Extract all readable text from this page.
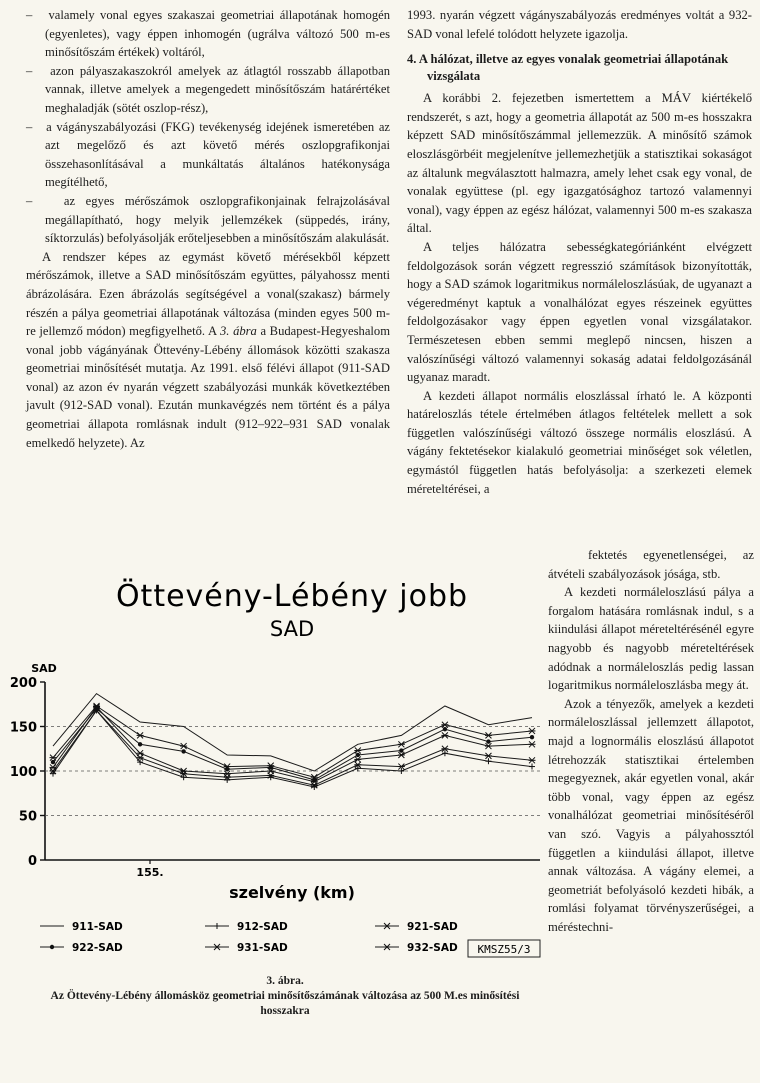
– valamely vonal egyes szakaszai geometriai állapotának homogén (egyenletes), vagy éppen inhomogén (ugrálva változó 500 m-es minősítőszám értékek) voltáról,

– azon pályaszakaszokról amelyek az átlagtól rosszabb állapotban vannak, illetve amelyek a megengedett minősítőszám határértéket meghaladják (sötét oszlop-rész),

– a vágányszabályozási (FKG) tevékenység idejének ismeretében az azt megelőző és azt követő mérés oszlopgrafikonjai összehasonlításával a munkáltatás általános hatékonysága megítélhető,

–	az egyes mérőszámok oszlopgrafikonjainak felrajzolásával megállapítható, hogy melyik jellemzékek (süppedés, irány, síktorzulás) befolyásolják erőteljesebben a minősítőszám alakulását.

A rendszer képes az egymást követő mérésekből képzett mérőszámok, illetve a SAD minősítőszám együttes, pályahossz menti ábrázolására. Ezen ábrázolás segítségével a vonal(szakasz) bármely részén a pálya geometriai állapotának változása (minden egyes 500 m-re jellemző módon) megfigyelhető. A 3. ábra a Budapest-Hegyeshalom vonal jobb vágányának Öttevény-Lébény állomások közötti szakasza geometriai minősítését mutatja. Az 1991. első félévi állapot (911-SAD vonal) az azon év nyarán végzett szabályozási munkák következtében javult (912-SAD vonal). Ezután munkavégzés nem történt és a pálya geometriai állapota romlásnak indult (912–922–931 SAD vonalak emelkedő helyzete). Az

1993. nyarán végzett vágányszabályozás eredményes voltát a 932-SAD vonal lefelé tolódott helyzete igazolja.

4. A hálózat, illetve az egyes vonalak geometriai állapotának vizsgálata

A korábbi 2. fejezetben ismertettem a MÁV kiértékelő rendszerét, s azt, hogy a geometria állapotát az 500 m-es hosszakra képzett SAD minősítőszámmal jellemezzük. A minősítő számok eloszlásgörbéit megjelenítve jellemezhetjük a statisztikai sokaságot az általunk megválasztott halmazra, amely lehet csak egy vonal, de vonalak együttese (pl. egy igazgatósághoz tartozó valamennyi vonal), vagy éppen az egész hálózat, valamennyi 500 m-es szakasza által.

A teljes hálózatra sebességkategóriánként elvégzett feldolgozások során végzett regresszió számítások bizonyították, hogy a SAD számok logaritmikus normáleloszlásúak, de ugyanazt a végeredményt kaptuk a vonalhálózat egyes részeinek együttes feldolgozásakor vagy éppen egyetlen vonal vizsgálatakor. Természetesen ebben semmi meglepő nincsen, hiszen a valószínűségi változó valamennyi sokaság adatai feldolgozásánál ugyanaz maradt.

A kezdeti állapot normális eloszlással írható le. A központi határeloszlás tétele értelmében átlagos feltételek mellett a sok független valószínűségi változó összege normális eloszlású. A vágány fektetésekor kialakuló geometriai minőséget sok véletlen, egymástól független hatás befolyásolja: a szerkezeti elemek méreteltérései, a

fektetés egyenetlenségei, az átvételi szabályozások jósága, stb.

A kezdeti normáleloszlású pálya a forgalom hatására romlásnak indul, s a kiindulási állapot méreteltérésénél egyre nagyobb és nagyobb méreteltérések adódnak a normáleloszlás pedig lassan logaritmikus normáleloszlásba megy át.

Azok a tényezők, amelyek a kezdeti normáleloszlással jellemzett állapotot, majd a lognormális eloszlású állapotot létrehozzák statisztikai értelemben megegyeznek, akár egyetlen vonal, akár több vonal, vagy éppen az egész vonalhálózat geometriai minősítéséről van szó. Vagyis a pályahossztól független a kiindulási állapot, illetve annak változása. A vágány elemei, a geometriát befolyásoló kezdeti hibák, a romlási folyamat törvényszerűségei, a méréstechni-

Öttevény-Lébény jobb
SAD
SAD
szelvény (km)
155.
0
50
100
150
200
911-SAD	912-SAD	921-SAD
922-SAD	931-SAD	932-SAD KMSZ55/3
3. ábra.
Az Öttevény-Lébény állomásköz geometriai minősítőszámának változása az 500 M.es minősítési hosszakra
